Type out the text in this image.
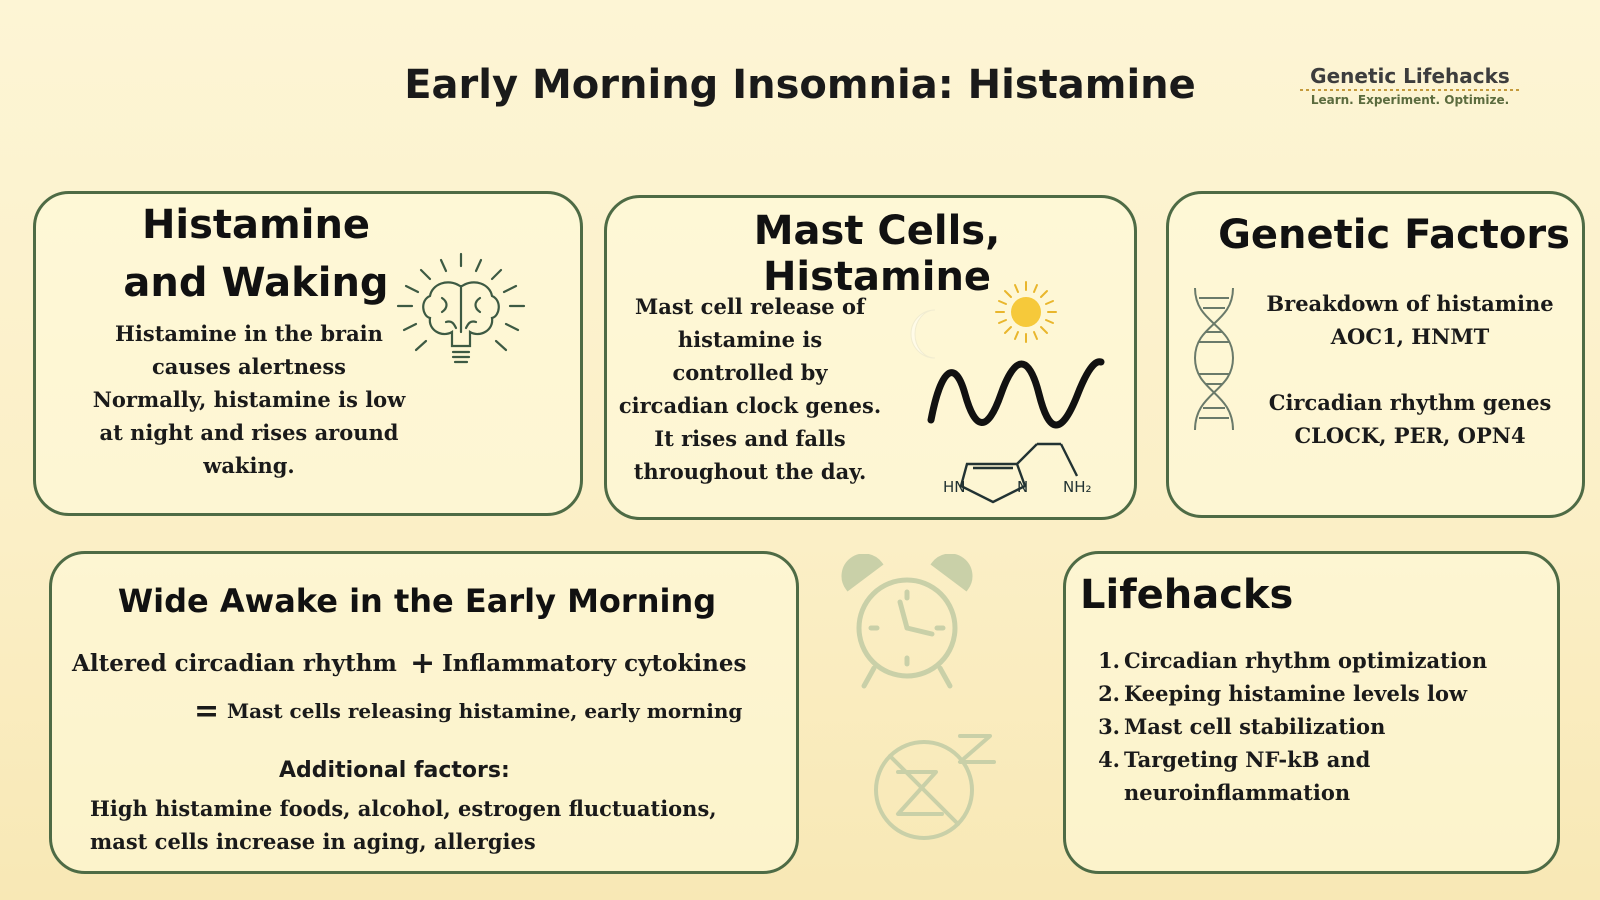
Early Morning Insomnia: Histamine	Genetic Lifehacks
Learn. Experiment. Optimize.
Histamine
and Waking
Histamine in the brain
causes alertness
Normally, histamine is low
at night and rises around
waking.
Mast Cells, Histamine
Mast cell release of
histamine is
controlled by
circadian clock genes.
It rises and falls
throughout the day.
HN	N NH₂
Genetic Factors
Breakdown of histamine
AOC1, HNMT
Circadian rhythm genes
CLOCK, PER, OPN4
Wide Awake in the Early Morning
Altered circadian rhythm + Inflammatory cytokines
= Mast cells releasing histamine, early morning
Additional factors:
High histamine foods, alcohol, estrogen fluctuations,
mast cells increase in aging, allergies
Lifehacks
1. Circadian rhythm optimization
2. Keeping histamine levels low
3. Mast cell stabilization
4. Targeting NF-kB and neuroinflammation
